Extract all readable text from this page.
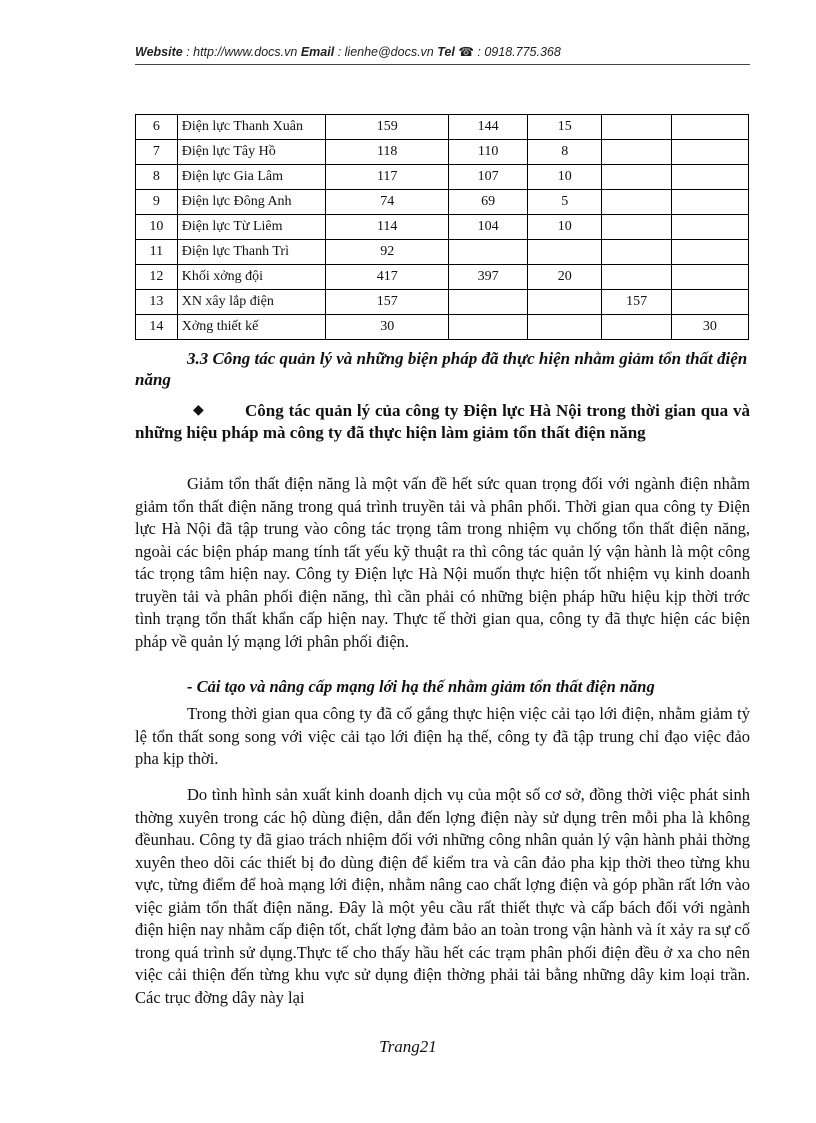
Website : http://www.docs.vn Email : lienhe@docs.vn Tel ☎ : 0918.775.368
6	Điện lực Thanh Xuân	159	144	15		
7	Điện lực Tây Hồ	118	110	8		
8	Điện lực Gia Lâm	117	107	10		
9	Điện lực Đông Anh	74	69	5		
10	Điện lực Từ Liêm	114	104	10		
11	Điện lực Thanh Trì	92				
12	Khối xởng đội	417	397	20		
13	XN xây lắp điện	157			157	
14	Xởng thiết kế	30				30
3.3 Công tác quản lý và những biện pháp đã thực hiện nhằm giảm tổn thất điện năng
◆ Công tác quản lý của công ty Điện lực Hà Nội trong thời gian qua và những hiệu pháp mà công ty đã thực hiện làm giảm tổn thất điện năng
Giảm tổn thất điện năng là một vấn đề hết sức quan trọng đối với ngành điện nhằm giảm tổn thất điện năng trong quá trình truyền tải và phân phối. Thời gian qua công ty Điện lực Hà Nội đã tập trung vào công tác trọng tâm trong nhiệm vụ chống tổn thất điện năng, ngoài các biện pháp mang tính tất yếu kỹ thuật ra thì công tác quản lý vận hành là một công tác trọng tâm hiện nay. Công ty Điện lực Hà Nội muốn thực hiện tốt nhiệm vụ kinh doanh truyền tải và phân phối điện năng, thì cần phải có những biện pháp hữu hiệu kịp thời trớc tình trạng tổn thất khẩn cấp hiện nay. Thực tế thời gian qua, công ty đã thực hiện các biện pháp về quản lý mạng lới phân phối điện.
- Cải tạo và nâng cấp mạng lới hạ thế nhằm giảm tổn thất điện năng
Trong thời gian qua công ty đã cố gắng thực hiện việc cải tạo lới điện, nhằm giảm tỷ lệ tổn thất song song với việc cải tạo lới điện hạ thế, công ty đã tập trung chỉ đạo việc đảo pha kịp thời.
Do tình hình sản xuất kinh doanh dịch vụ của một số cơ sở, đồng thời việc phát sinh thờng xuyên trong các hộ dùng điện, dẫn đến lợng điện này sử dụng trên mỗi pha là không đềunhau. Công ty đã giao trách nhiệm đối với những công nhân quản lý vận hành phải thờng xuyên theo dõi các thiết bị đo dùng điện để kiểm tra và cân đảo pha kịp thời theo từng khu vực, từng điểm để hoà mạng lới điện, nhằm nâng cao chất lợng điện và góp phần rất lớn vào việc giảm tổn thất điện năng. Đây là một yêu cầu rất thiết thực và cấp bách đối với ngành điện hiện nay nhằm cấp điện tốt, chất lợng đảm bảo an toàn trong vận hành và ít xảy ra sự cố trong quá trình sử dụng.Thực tế cho thấy hầu hết các trạm phân phối điện đều ở xa cho nên việc cải thiện đến từng khu vực sử dụng điện thờng phải tải bằng những dây kim loại trần. Các trục đờng dây này lại
Trang21
